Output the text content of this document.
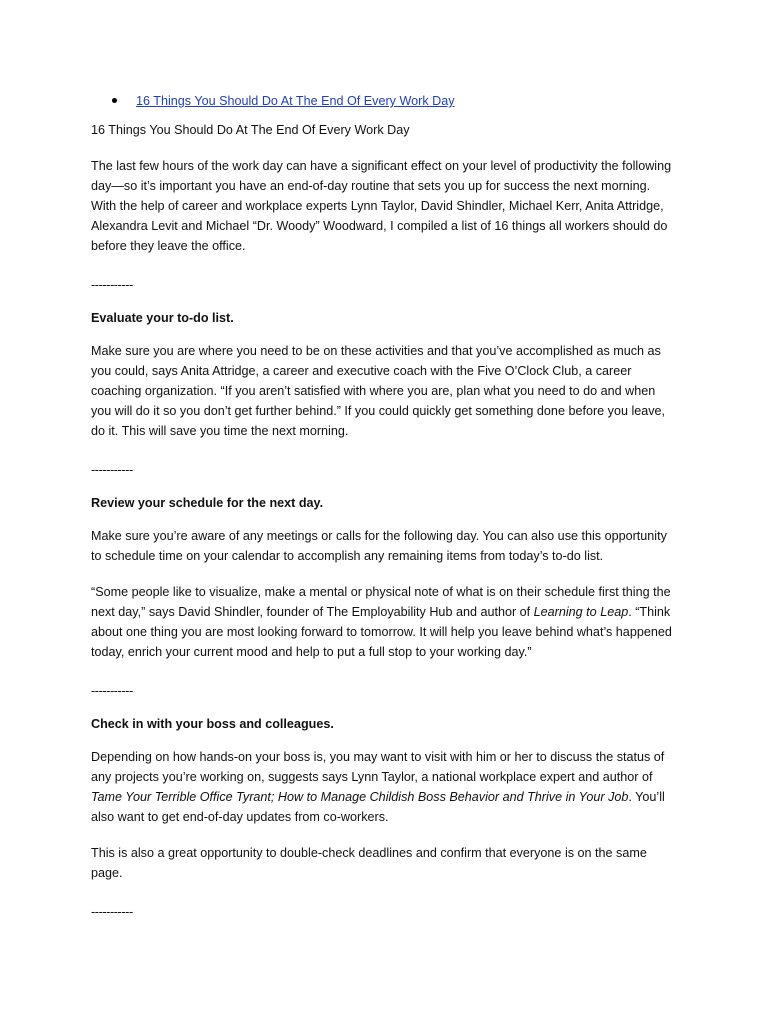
16 Things You Should Do At The End Of Every Work Day

16 Things You Should Do At The End Of Every Work Day

The last few hours of the work day can have a significant effect on your level of productivity the following day—so it’s important you have an end-of-day routine that sets you up for success the next morning. With the help of career and workplace experts Lynn Taylor, David Shindler, Michael Kerr, Anita Attridge, Alexandra Levit and Michael “Dr. Woody” Woodward, I compiled a list of 16 things all workers should do before they leave the office.

-----------

Evaluate your to-do list.

Make sure you are where you need to be on these activities and that you’ve accomplished as much as you could, says Anita Attridge, a career and executive coach with the Five O’Clock Club, a career coaching organization. “If you aren’t satisfied with where you are, plan what you need to do and when you will do it so you don’t get further behind.” If you could quickly get something done before you leave, do it. This will save you time the next morning.

-----------

Review your schedule for the next day.

Make sure you’re aware of any meetings or calls for the following day. You can also use this opportunity to schedule time on your calendar to accomplish any remaining items from today’s to-do list.

“Some people like to visualize, make a mental or physical note of what is on their schedule first thing the next day,” says David Shindler, founder of The Employability Hub and author of Learning to Leap. “Think about one thing you are most looking forward to tomorrow. It will help you leave behind what’s happened today, enrich your current mood and help to put a full stop to your working day.”

-----------

Check in with your boss and colleagues.

Depending on how hands-on your boss is, you may want to visit with him or her to discuss the status of any projects you’re working on, suggests says Lynn Taylor, a national workplace expert and author of Tame Your Terrible Office Tyrant; How to Manage Childish Boss Behavior and Thrive in Your Job. You’ll also want to get end-of-day updates from co-workers.

This is also a great opportunity to double-check deadlines and confirm that everyone is on the same page.

-----------
